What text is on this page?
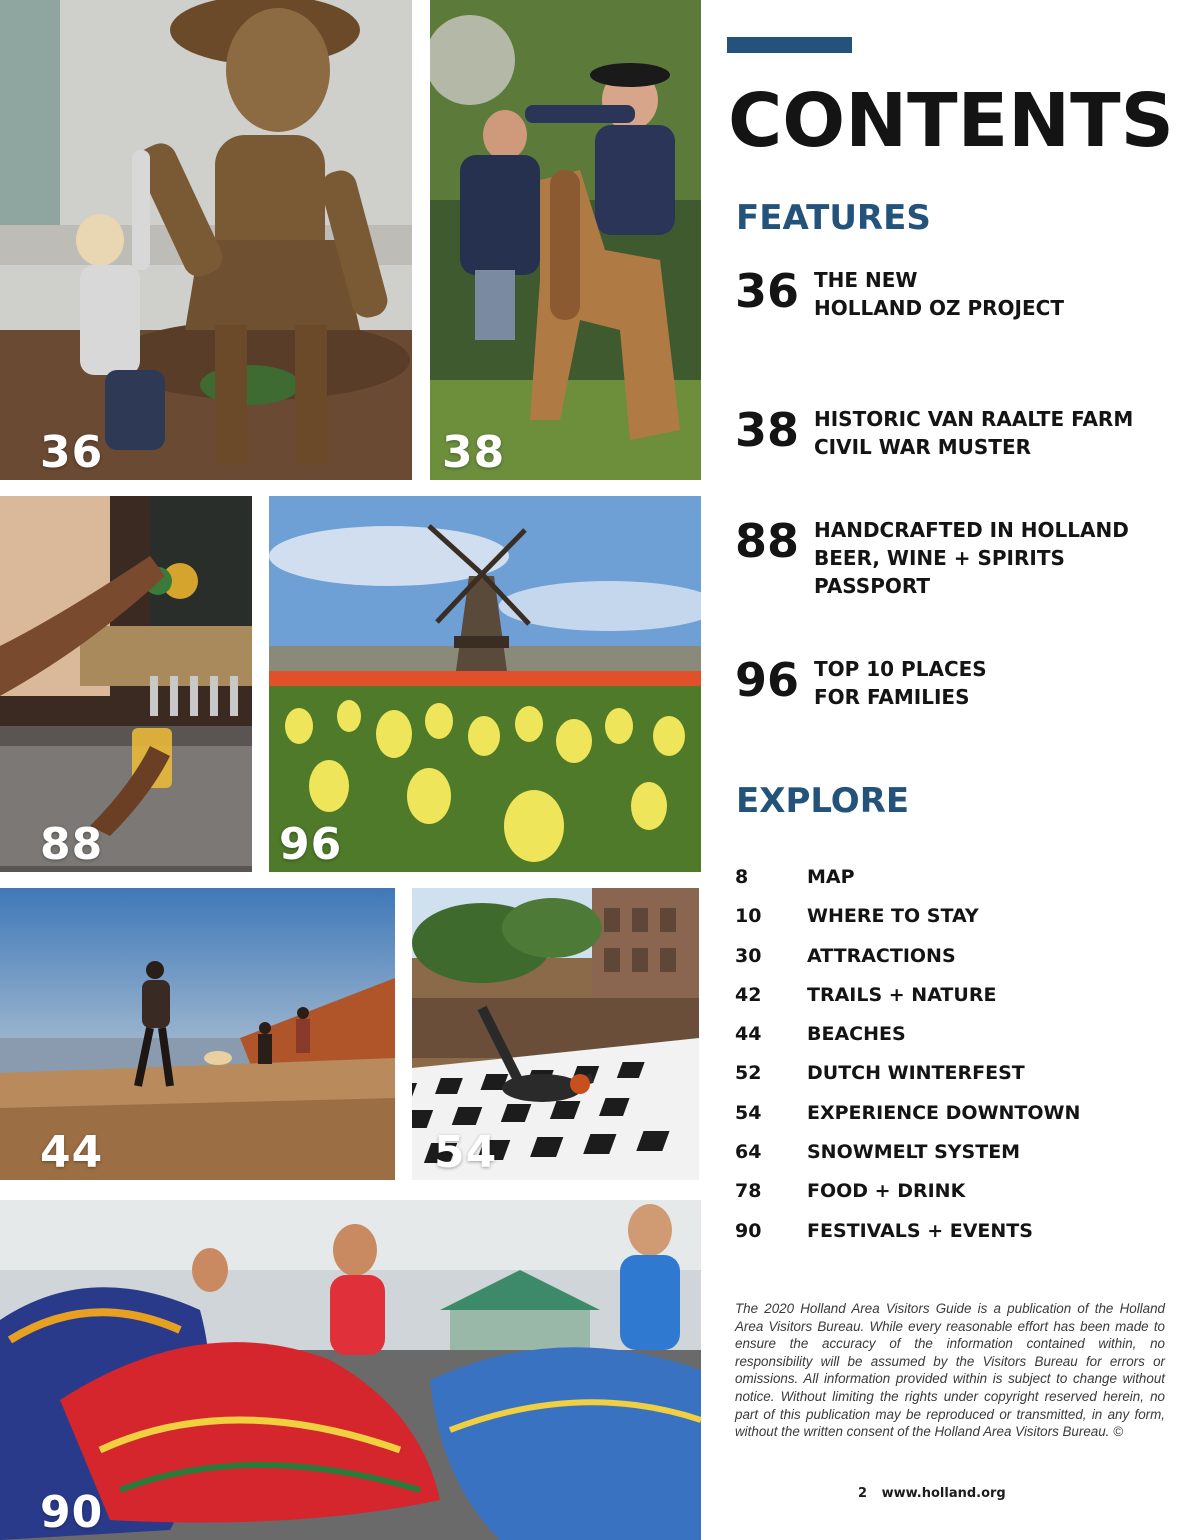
36	38
88	96
44	54
90
CONTENTS
FEATURES
36 THE NEW
HOLLAND OZ PROJECT
38 HISTORIC VAN RAALTE FARM
CIVIL WAR MUSTER
88 HANDCRAFTED IN HOLLAND
BEER, WINE + SPIRITS
PASSPORT
96 TOP 10 PLACES
FOR FAMILIES
EXPLORE
8	MAP
10 WHERE TO STAY
30 ATTRACTIONS
42 TRAILS + NATURE
44 BEACHES
52 DUTCH WINTERFEST
54 EXPERIENCE DOWNTOWN
64 SNOWMELT SYSTEM
78 FOOD + DRINK
90 FESTIVALS + EVENTS

The 2020 Holland Area Visitors Guide is a publication of the Holland Area Visitors Bureau. While every reasonable effort has been made to ensure the accuracy of the information contained within, no responsibility will be assumed by the Visitors Bureau for errors or omissions. All information provided within is subject to change without notice. Without limiting the rights under copyright reserved herein, no part of this publication may be reproduced or transmitted, in any form, without the written consent of the Holland Area Visitors Bureau. ©

2 www.holland.org
